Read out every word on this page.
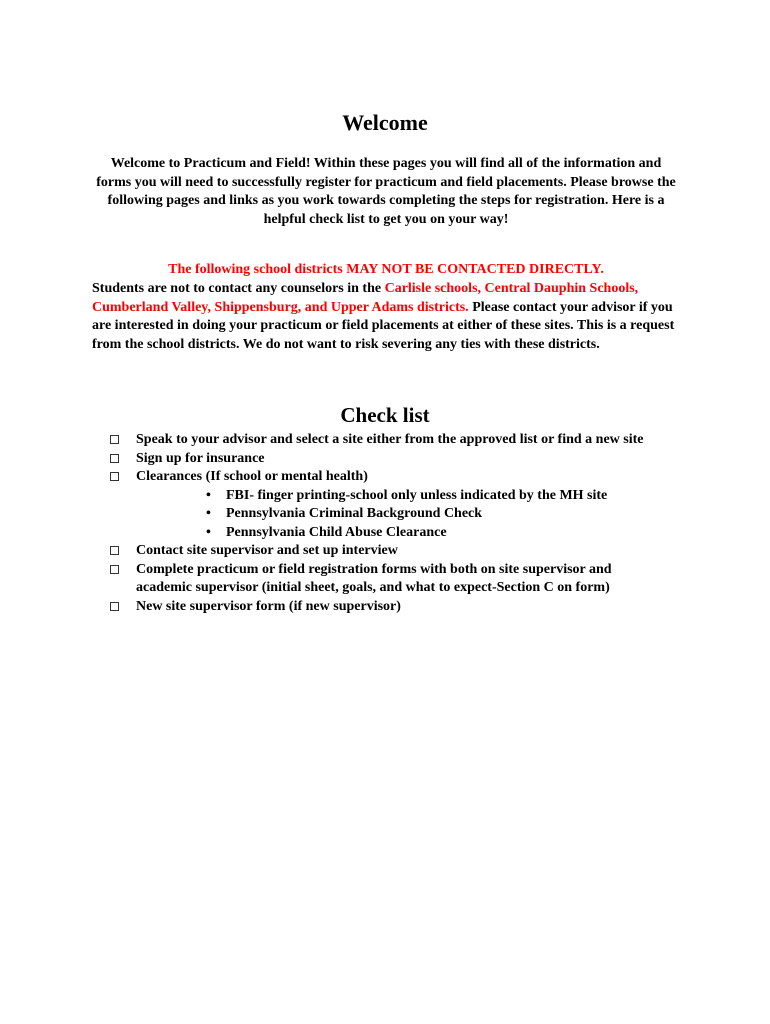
Welcome

Welcome to Practicum and Field! Within these pages you will find all of the information and forms you will need to successfully register for practicum and field placements. Please browse the following pages and links as you work towards completing the steps for registration. Here is a helpful check list to get you on your way!

The following school districts MAY NOT BE CONTACTED DIRECTLY.

Students are not to contact any counselors in the Carlisle schools, Central Dauphin Schools, Cumberland Valley, Shippensburg, and Upper Adams districts. Please contact your advisor if you are interested in doing your practicum or field placements at either of these sites. This is a request from the school districts. We do not want to risk severing any ties with these districts.

Check list
Speak to your advisor and select a site either from the approved list or find a new site
Sign up for insurance
Clearances (If school or mental health)
• FBI- finger printing-school only unless indicated by the MH site
• Pennsylvania Criminal Background Check
• Pennsylvania Child Abuse Clearance
Contact site supervisor and set up interview
Complete practicum or field registration forms with both on site supervisor and academic supervisor (initial sheet, goals, and what to expect-Section C on form)
New site supervisor form (if new supervisor)
